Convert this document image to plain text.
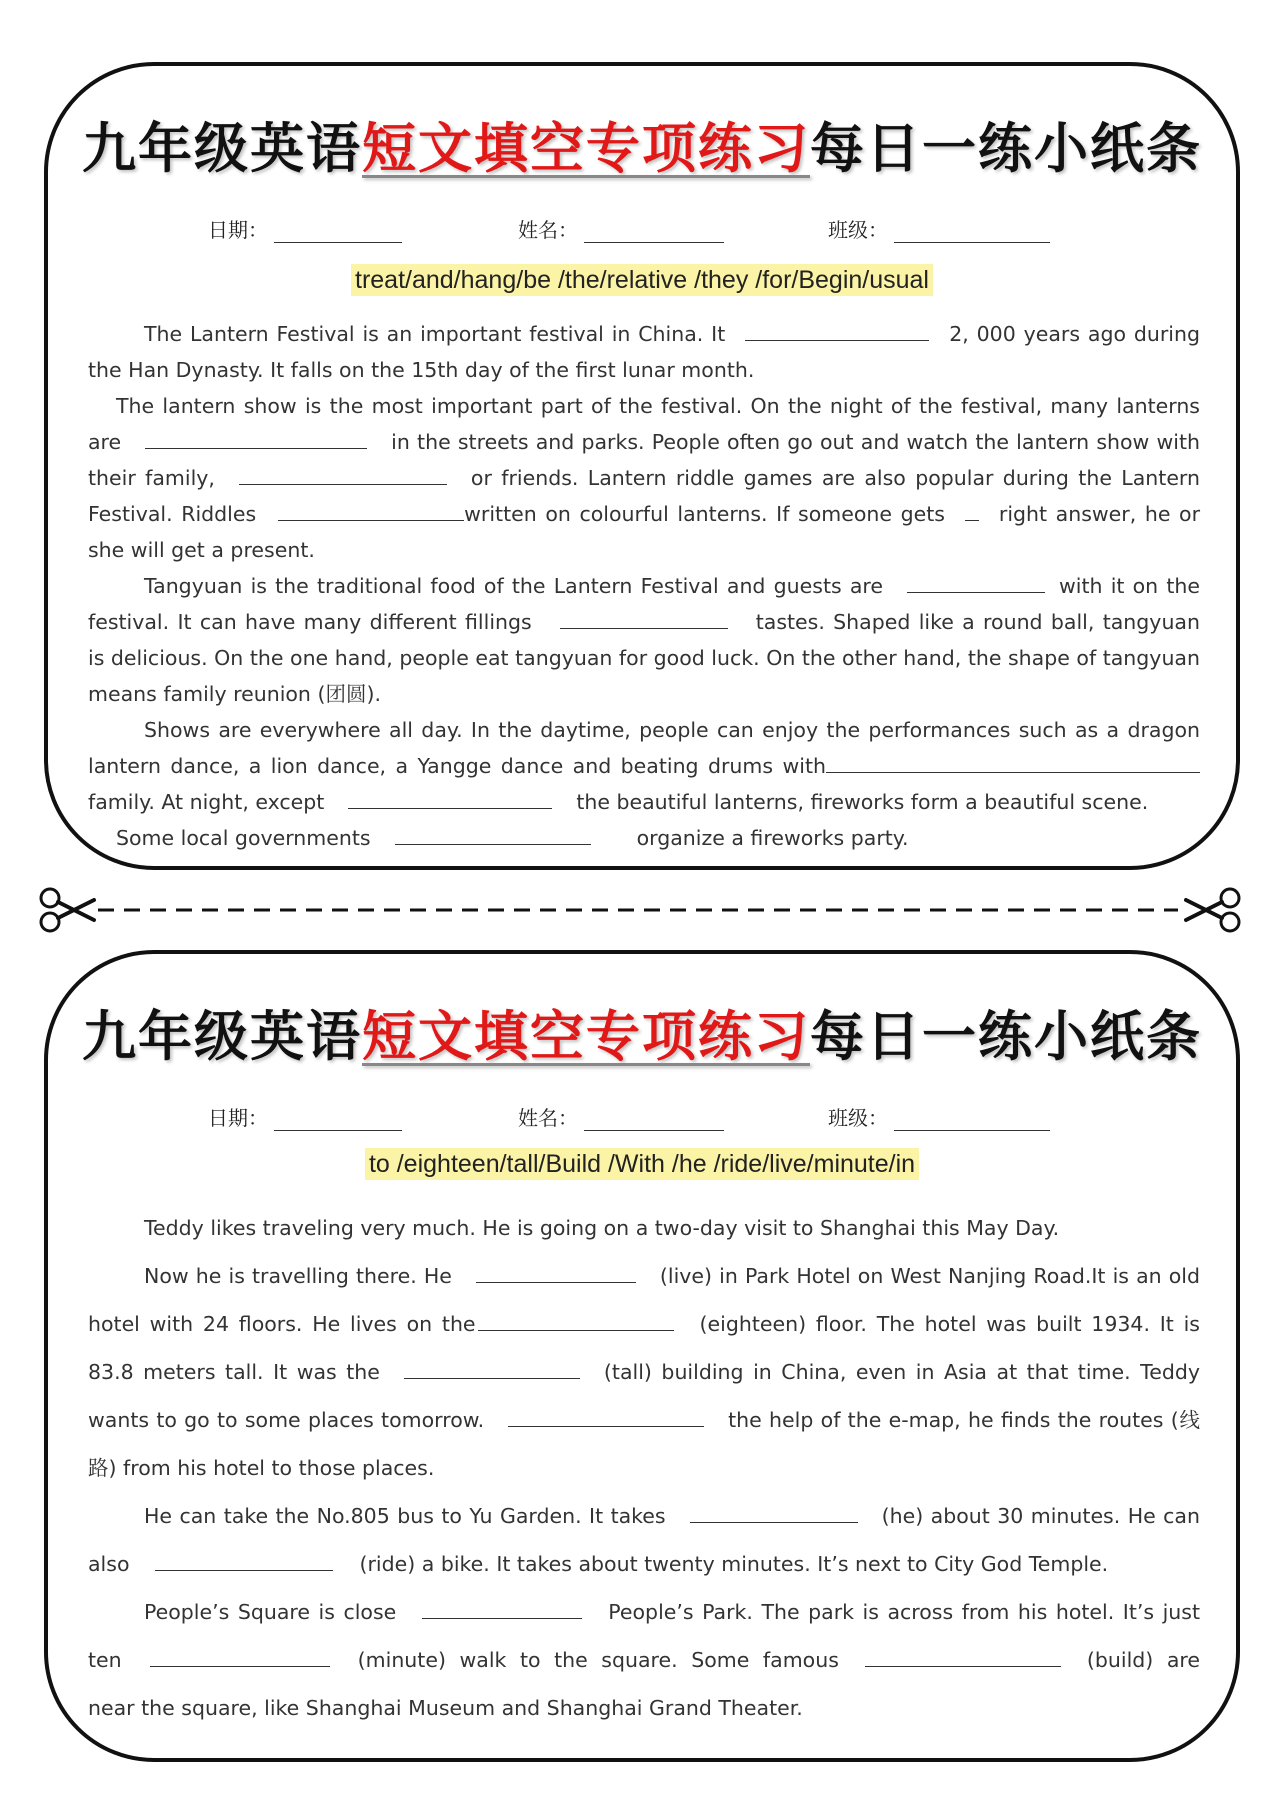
九年级英语短文填空专项练习每日一练小纸条
日期：	姓名：	班级：
treat/and/hang/be /the/relative /they /for/Begin/usual

The Lantern Festival is an important festival in China. It	2, 000 years ago during the Han Dynasty. It falls on the 15th day of the first lunar month.

The lantern show is the most important part of the festival. On the night of the festival, many lanterns are	in the streets and parks. People often go out and watch the lantern show with their family,	or friends. Lantern riddle games are also popular during the Lantern Festival. Riddles	written on colourful lanterns. If someone gets	right answer, he or she will get a present.

Tangyuan is the traditional food of the Lantern Festival and guests are	with it on the festival. It can have many different fillings	tastes. Shaped like a round ball, tangyuan is delicious. On the one hand, people eat tangyuan for good luck. On the other hand, the shape of tangyuan means family reunion (团圆).

Shows are everywhere all day. In the daytime, people can enjoy the performances such as a dragon lantern dance, a lion dance, a Yangge dance and beating drums withfamily. At night, except	the beautiful lanterns, fireworks form a beautiful scene.

Some local governments	organize a fireworks party.

九年级英语短文填空专项练习每日一练小纸条
日期：	姓名：	班级：
to /eighteen/tall/Build /With /he /ride/live/minute/in

Teddy likes traveling very much. He is going on a two-day visit to Shanghai this May Day.

Now he is travelling there. He	(live) in Park Hotel on West Nanjing Road.It is an old hotel with 24 floors. He lives on the	(eighteen) floor. The hotel was built 1934. It is 83.8 meters tall. It was the	(tall) building in China, even in Asia at that time. Teddy wants to go to some places tomorrow.	the help of the e-map, he finds the routes (线路) from his hotel to those places.

He can take the No.805 bus to Yu Garden. It takes	(he) about 30 minutes. He can also	(ride) a bike. It takes about twenty minutes. It’s next to City God Temple.

People’s Square is close	People’s Park. The park is across from his hotel. It’s just ten	(minute) walk to the square. Some famous	(build) are near the square, like Shanghai Museum and Shanghai Grand Theater.
